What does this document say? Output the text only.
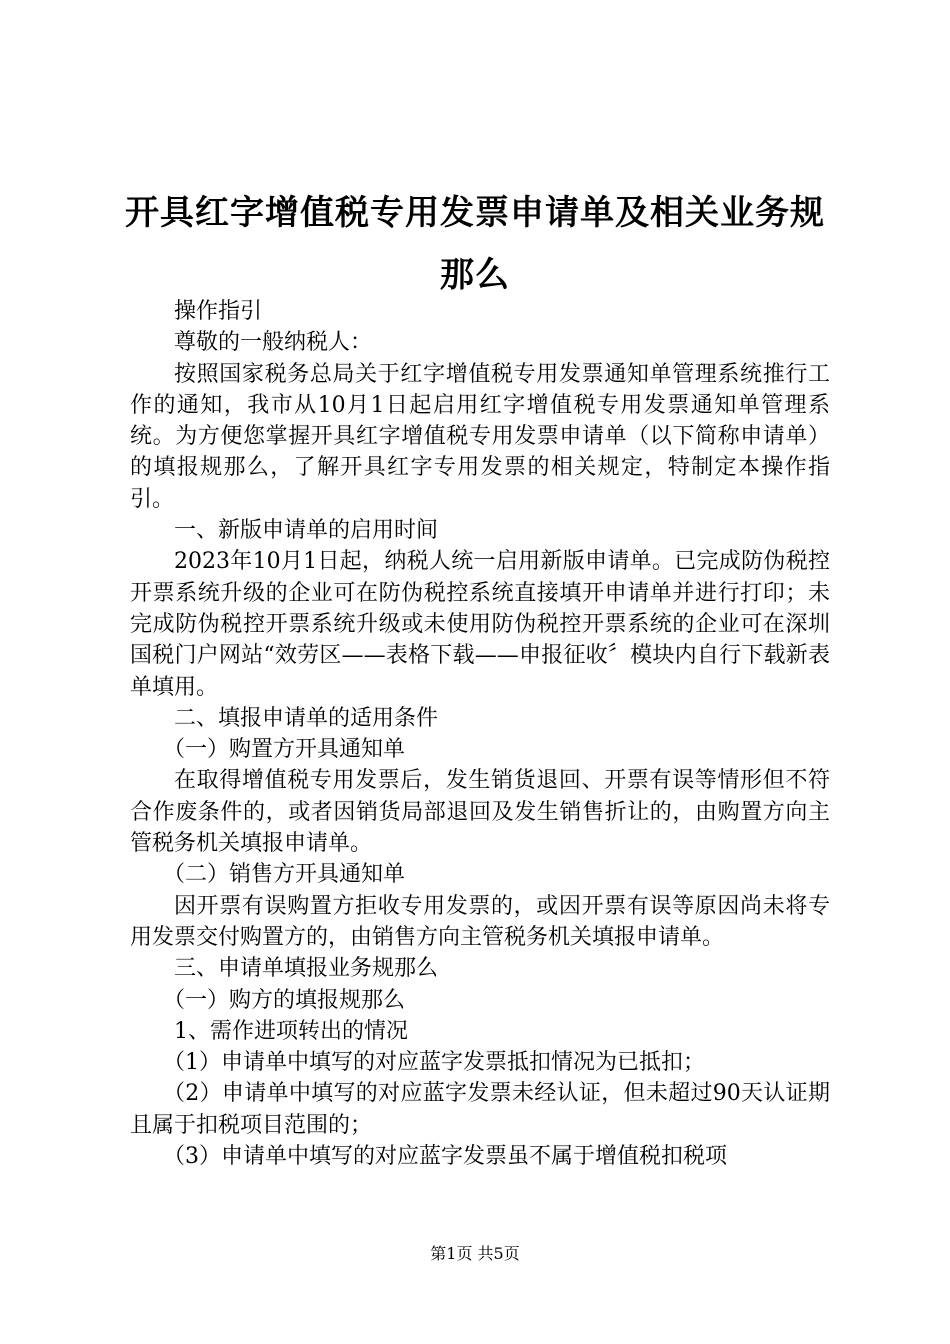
开具红字增值税专用发票申请单及相关业务规那么

操作指引

尊敬的一般纳税人：

按照国家税务总局关于红字增值税专用发票通知单管理系统推行工作的通知，我市从10月1日起启用红字增值税专用发票通知单管理系统。为方便您掌握开具红字增值税专用发票申请单（以下简称申请单）的填报规那么，了解开具红字专用发票的相关规定，特制定本操作指引。

一、新版申请单的启用时间

2023年10月1日起，纳税人统一启用新版申请单。已完成防伪税控开票系统升级的企业可在防伪税控系统直接填开申请单并进行打印；未完成防伪税控开票系统升级或未使用防伪税控开票系统的企业可在深圳国税门户网站“效劳区——表格下载——申报征收〞模块内自行下载新表单填用。

二、填报申请单的适用条件

（一）购置方开具通知单

在取得增值税专用发票后，发生销货退回、开票有误等情形但不符合作废条件的，或者因销货局部退回及发生销售折让的，由购置方向主管税务机关填报申请单。

（二）销售方开具通知单

因开票有误购置方拒收专用发票的，或因开票有误等原因尚未将专用发票交付购置方的，由销售方向主管税务机关填报申请单。

三、申请单填报业务规那么

（一）购方的填报规那么

1、需作进项转出的情况

（1）申请单中填写的对应蓝字发票抵扣情况为已抵扣；

（2）申请单中填写的对应蓝字发票未经认证，但未超过90天认证期且属于扣税项目范围的；

（3）申请单中填写的对应蓝字发票虽不属于增值税扣税项

第1页 共5页
